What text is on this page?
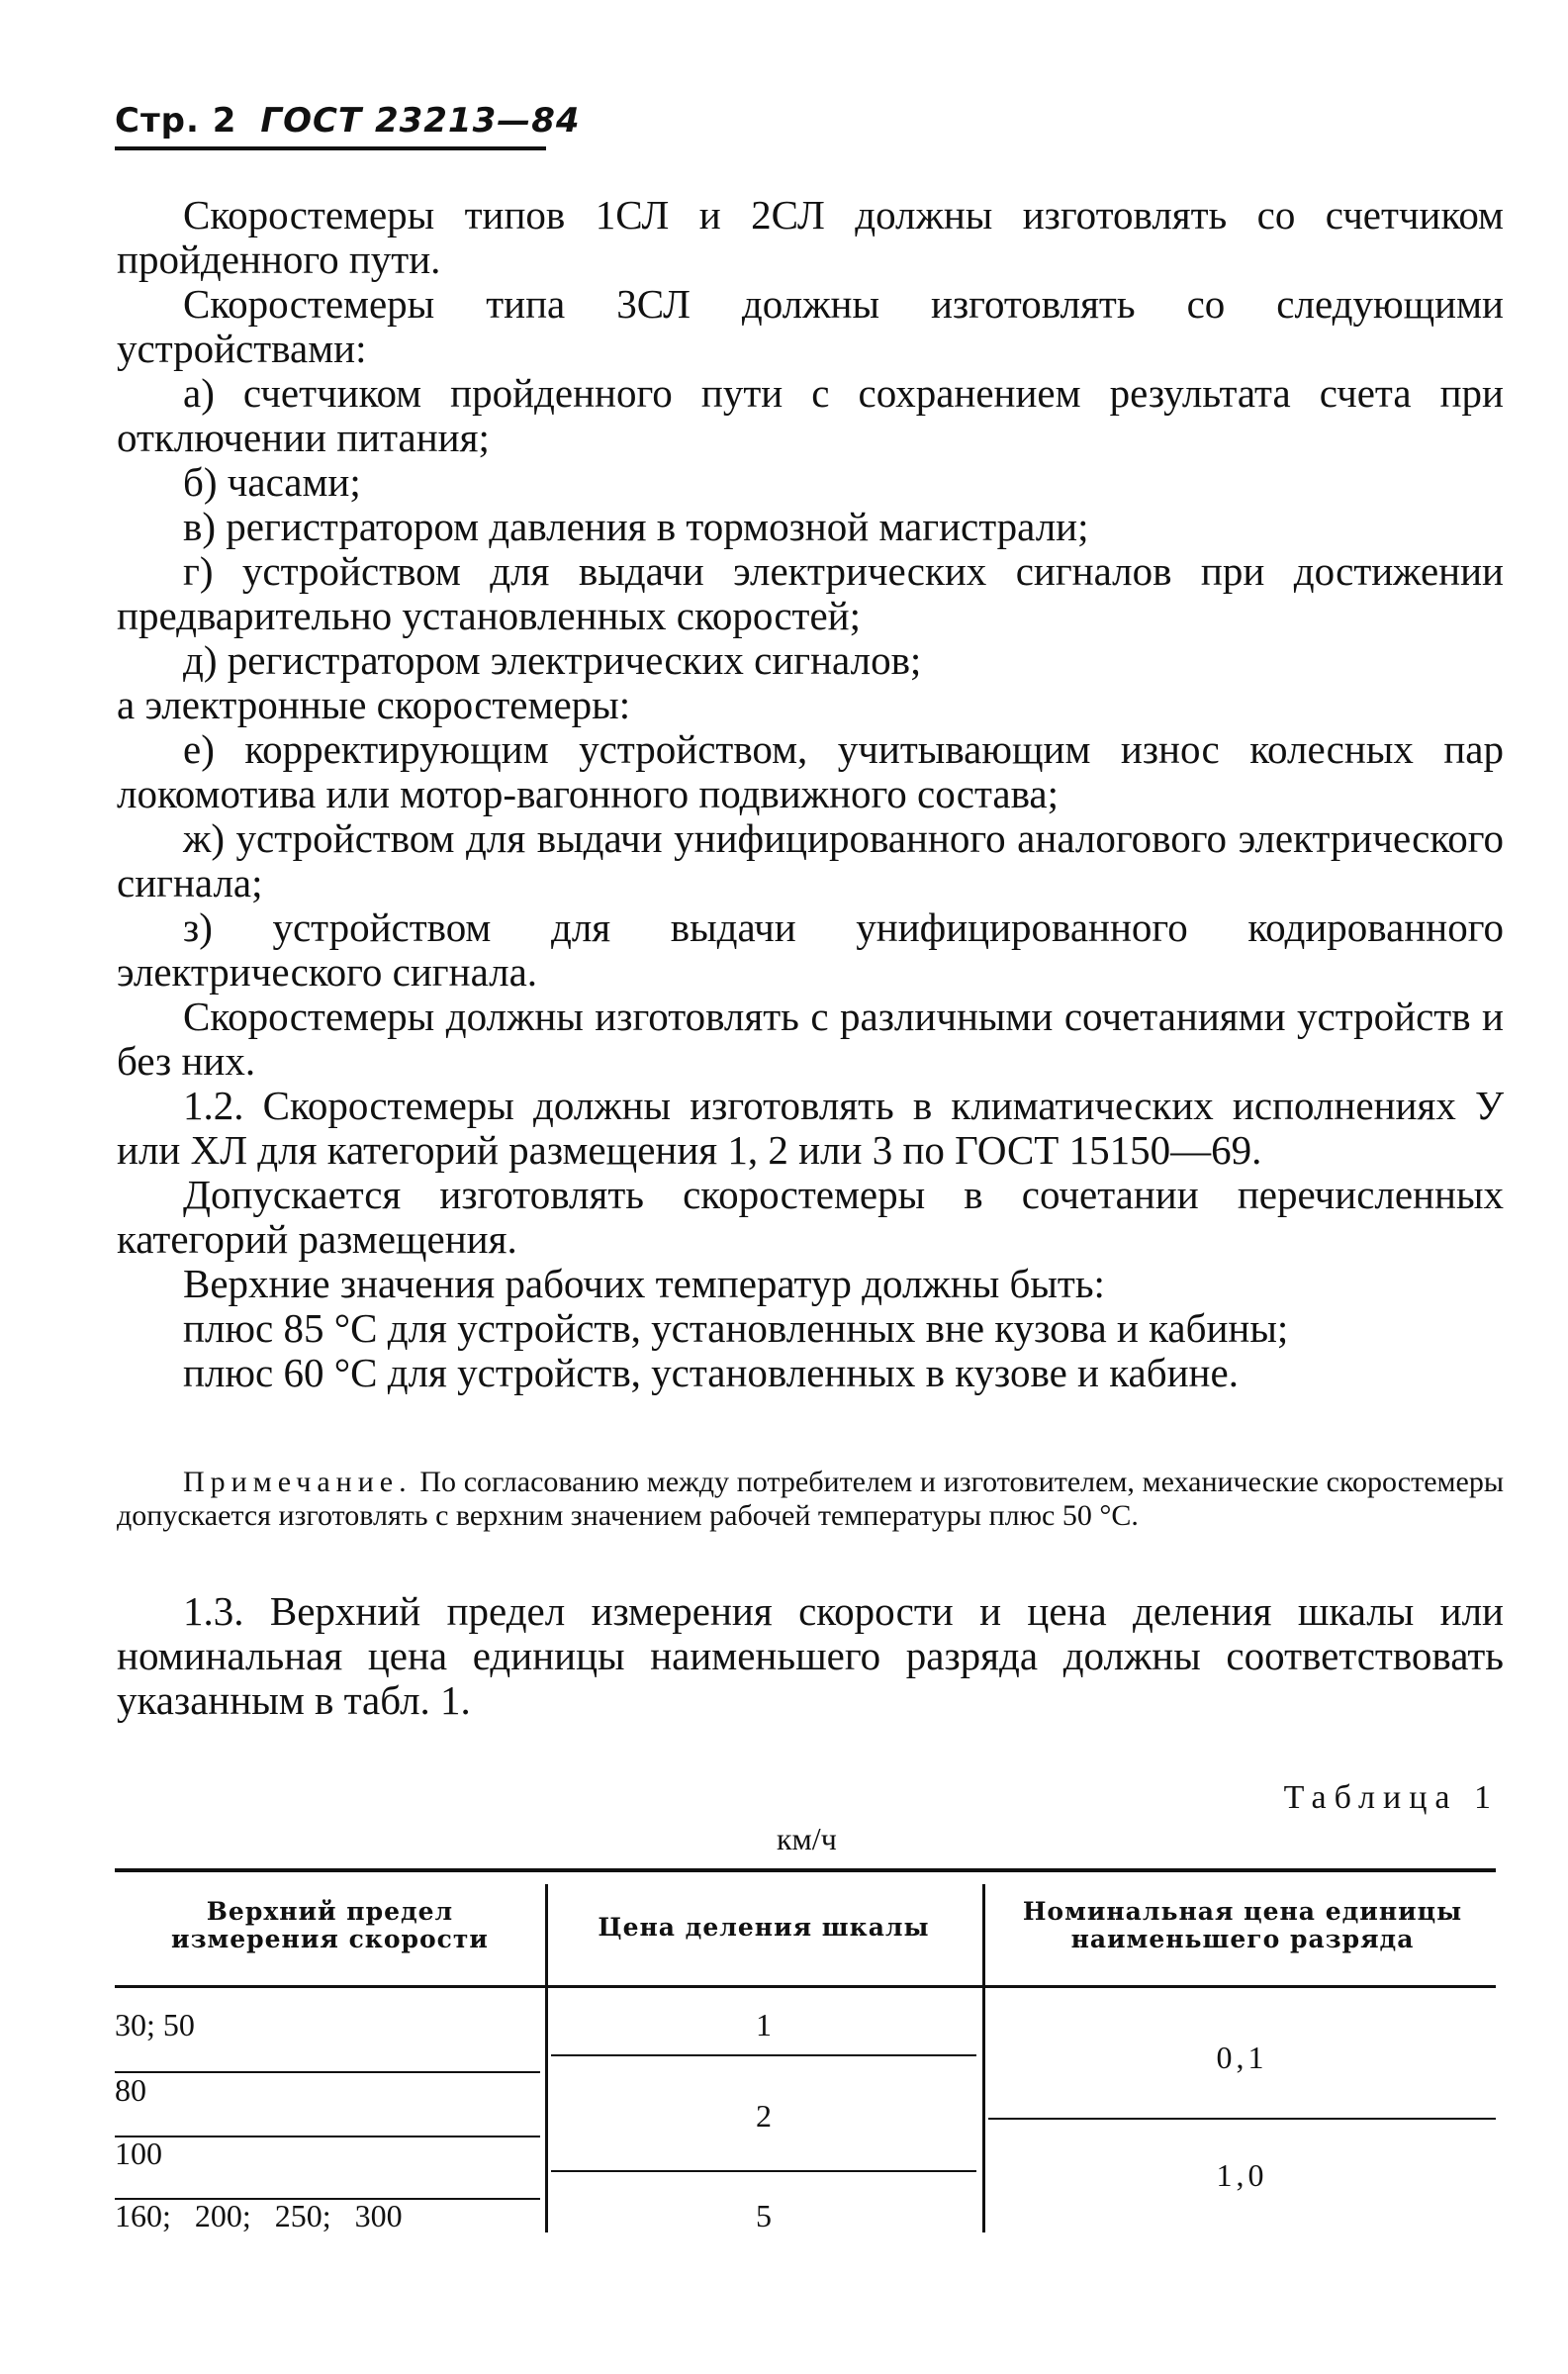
Стр. 2 ГОСТ 23213—84

Скоростемеры типов 1СЛ и 2СЛ должны изготовлять со счетчиком пройденного пути.

Скоростемеры типа 3СЛ должны изготовлять со следующими устройствами:

а) счетчиком пройденного пути с сохранением результата счета при отключении питания;

б) часами;

в) регистратором давления в тормозной магистрали;

г) устройством для выдачи электрических сигналов при достижении предварительно установленных скоростей;

д) регистратором электрических сигналов;

а электронные скоростемеры:

е) корректирующим устройством, учитывающим износ колесных пар локомотива или мотор-вагонного подвижного состава;

ж) устройством для выдачи унифицированного аналогового электрического сигнала;

з) устройством для выдачи унифицированного кодированного электрического сигнала.

Скоростемеры должны изготовлять с различными сочетаниями устройств и без них.

1.2. Скоростемеры должны изготовлять в климатических исполнениях У или ХЛ для категорий размещения 1, 2 или 3 по ГОСТ 15150—69.

Допускается изготовлять скоростемеры в сочетании перечисленных категорий размещения.

Верхние значения рабочих температур должны быть:

плюс 85 °С для устройств, установленных вне кузова и кабины;

плюс 60 °С для устройств, установленных в кузове и кабине.

Примечание. По согласованию между потребителем и изготовителем, механические скоростемеры допускается изготовлять с верхним значением рабочей температуры плюс 50 °С.
1.3. Верхний предел измерения скорости и цена деления шкалы или номинальная цена единицы наименьшего разряда должны соответствовать указанным в табл. 1.
Таблица 1
км/ч
Верхний предел измерения скорости	Цена деления шкалы
Номинальная цена единицы наименьшего разряда
30; 50
80
100
160;   200;   250;   300
1
2
5
0,1
1,0
